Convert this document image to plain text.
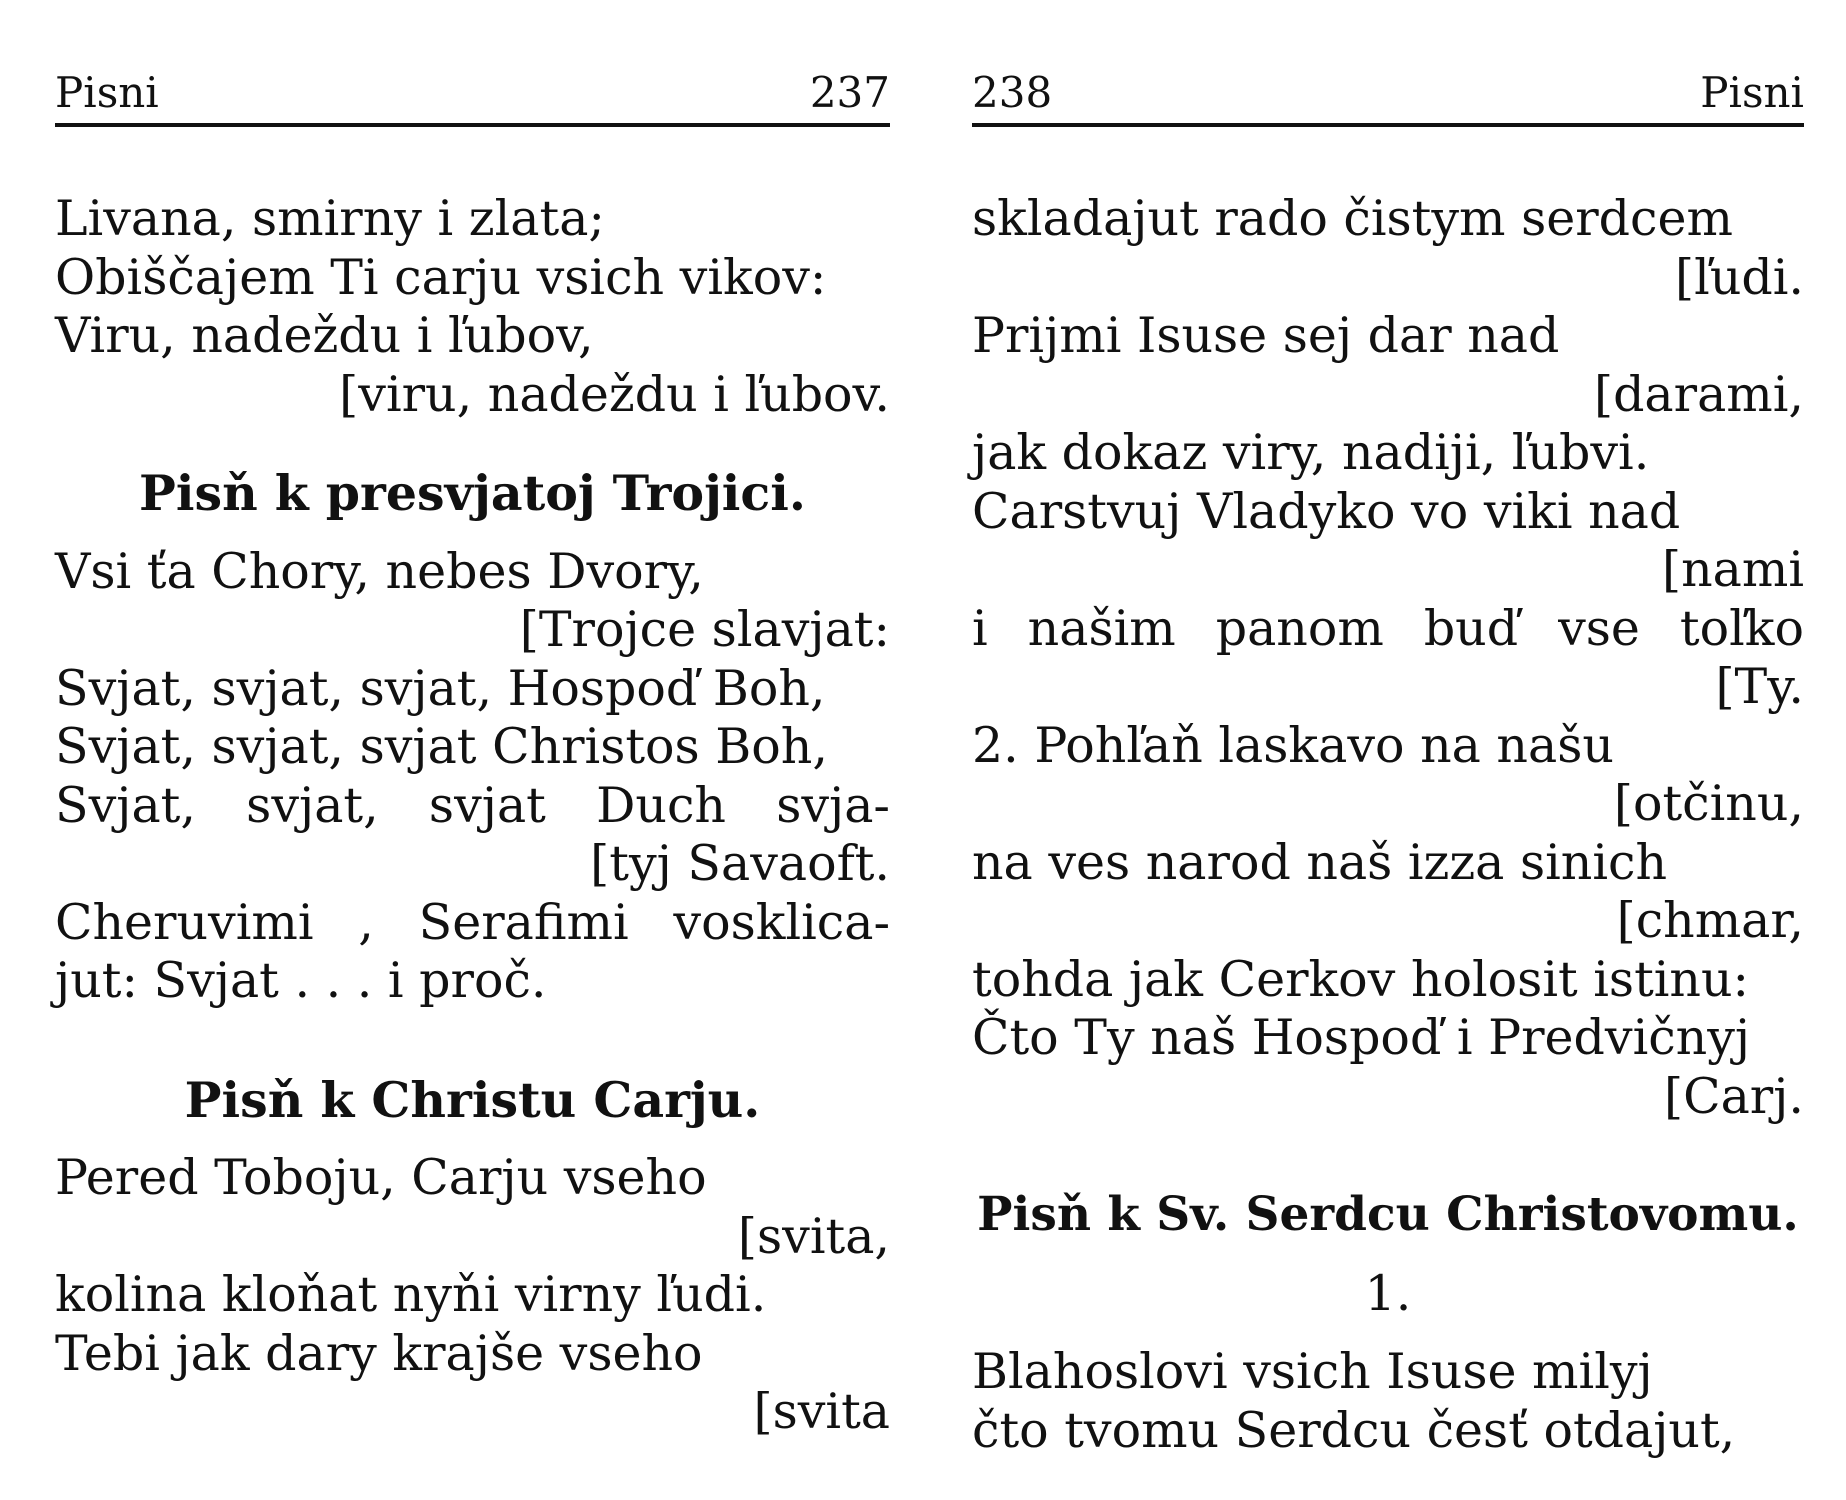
Pisni	237
Livana, smirny i zlata;
Obiščajem Ti carju vsich vikov:
Viru, nadeždu i ľubov,
[viru, nadeždu i ľubov.
Pisň k presvjatoj Trojici.
Vsi ťa Chory, nebes Dvory,
[Trojce slavjat:
Svjat, svjat, svjat, Hospoď Boh,
Svjat, svjat, svjat Christos Boh,
Svjat, svjat, svjat Duch svja-
[tyj Savaoft.
Cheruvimi , Serafimi vosklica-
jut: Svjat . . . i proč.
Pisň k Christu Carju.
Pered Toboju, Carju vseho
[svita,
kolina kloňat nyňi virny ľudi.
Tebi jak dary krajše vseho
[svita
238	Pisni
skladajut rado čistym serdcem
[ľudi.
Prijmi Isuse sej dar nad
[darami,
jak dokaz viry, nadiji, ľubvi.
Carstvuj Vladyko vo viki nad
[nami
i našim panom buď vse toľko
[Ty.
2. Pohľaň laskavo na našu
[otčinu,
na ves narod naš izza sinich
[chmar,
tohda jak Cerkov holosit istinu:
Čto Ty naš Hospoď i Predvičnyj
[Carj.
Pisň k Sv. Serdcu Christovomu.
1.
Blahoslovi vsich Isuse milyj
čto tvomu Serdcu česť otdajut,
